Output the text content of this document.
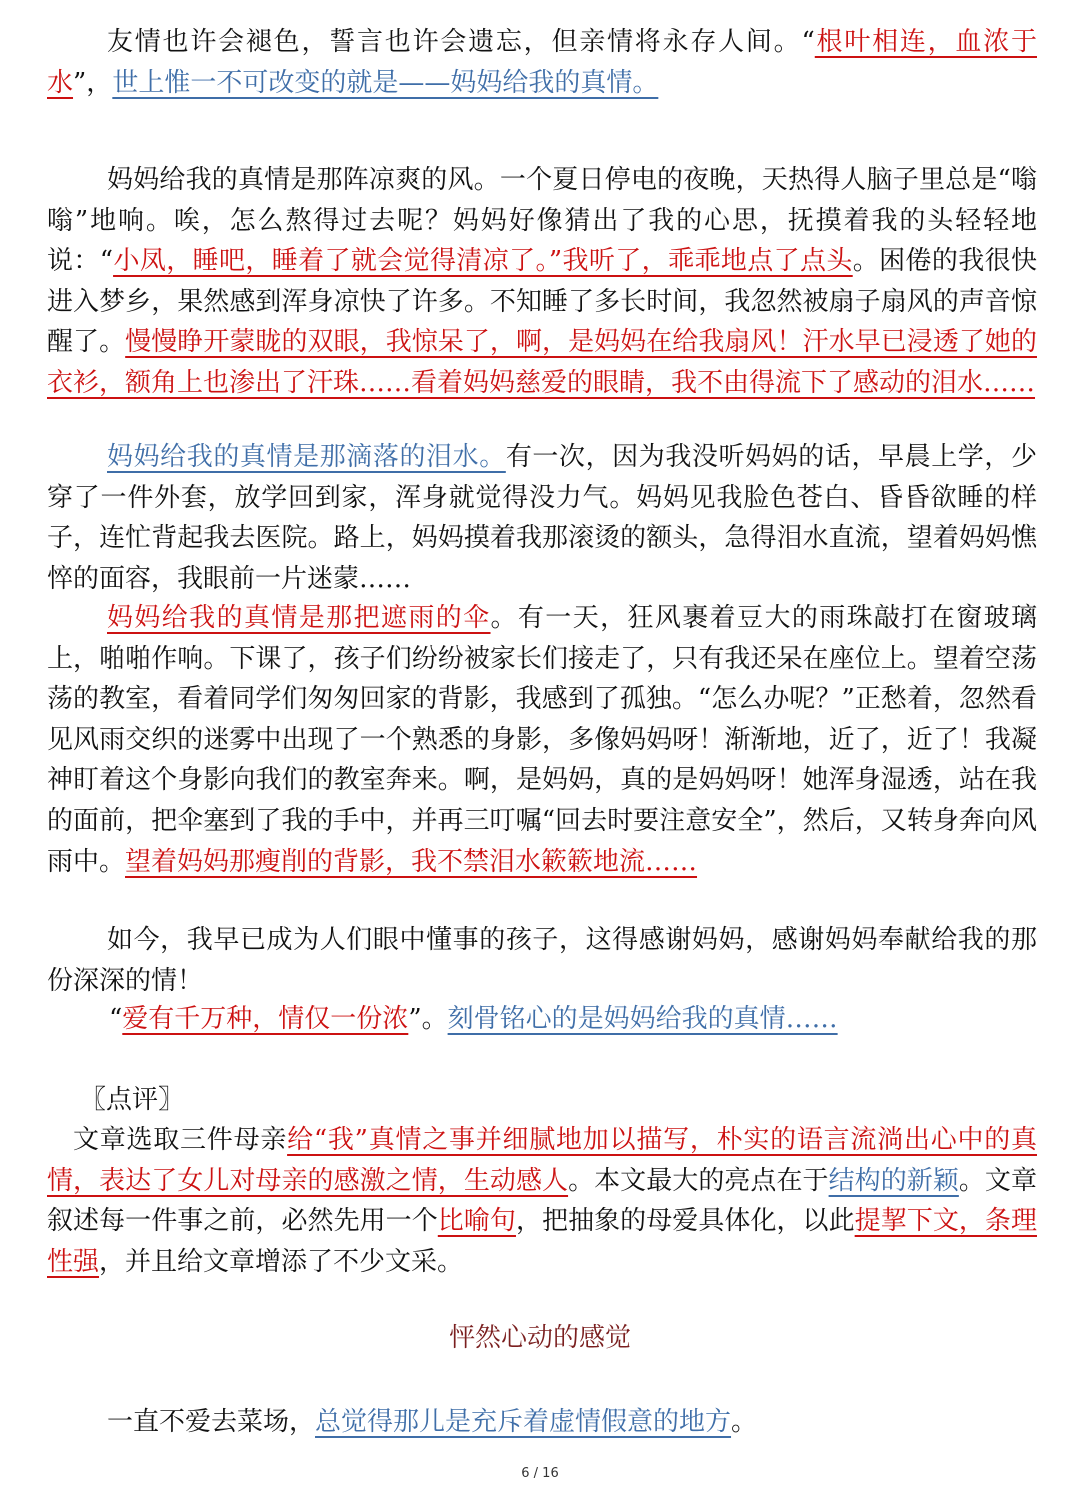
友情也许会褪色，誓言也许会遗忘，但亲情将永存人间。“根叶相连，血浓于水”，世上惟一不可改变的就是——妈妈给我的真情。

妈妈给我的真情是那阵凉爽的风。一个夏日停电的夜晚，天热得人脑子里总是“嗡嗡”地响。唉，怎么熬得过去呢？妈妈好像猜出了我的心思，抚摸着我的头轻轻地说：“小凤，睡吧，睡着了就会觉得清凉了。”我听了，乖乖地点了点头。困倦的我很快进入梦乡，果然感到浑身凉快了许多。不知睡了多长时间，我忽然被扇子扇风的声音惊醒了。慢慢睁开蒙眬的双眼，我惊呆了，啊，是妈妈在给我扇风！汗水早已浸透了她的衣衫，额角上也渗出了汗珠……看着妈妈慈爱的眼睛，我不由得流下了感动的泪水……

妈妈给我的真情是那滴落的泪水。有一次，因为我没听妈妈的话，早晨上学，少穿了一件外套，放学回到家，浑身就觉得没力气。妈妈见我脸色苍白、昏昏欲睡的样子，连忙背起我去医院。路上，妈妈摸着我那滚烫的额头，急得泪水直流，望着妈妈憔悴的面容，我眼前一片迷蒙……

妈妈给我的真情是那把遮雨的伞。有一天，狂风裹着豆大的雨珠敲打在窗玻璃上，啪啪作响。下课了，孩子们纷纷被家长们接走了，只有我还呆在座位上。望着空荡荡的教室，看着同学们匆匆回家的背影，我感到了孤独。“怎么办呢？”正愁着，忽然看见风雨交织的迷雾中出现了一个熟悉的身影，多像妈妈呀！渐渐地，近了，近了！我凝神盯着这个身影向我们的教室奔来。啊，是妈妈，真的是妈妈呀！她浑身湿透，站在我的面前，把伞塞到了我的手中，并再三叮嘱“回去时要注意安全”，然后，又转身奔向风雨中。望着妈妈那瘦削的背影，我不禁泪水簌簌地流……

如今，我早已成为人们眼中懂事的孩子，这得感谢妈妈，感谢妈妈奉献给我的那份深深的情！

“爱有千万种，情仅一份浓”。刻骨铭心的是妈妈给我的真情……

〖点评〗

文章选取三件母亲给“我”真情之事并细腻地加以描写，朴实的语言流淌出心中的真情，表达了女儿对母亲的感激之情，生动感人。本文最大的亮点在于结构的新颖。文章叙述每一件事之前，必然先用一个比喻句，把抽象的母爱具体化，以此提挈下文，条理性强，并且给文章增添了不少文采。

怦然心动的感觉

一直不爱去菜场，总觉得那儿是充斥着虚情假意的地方。

6 / 16
